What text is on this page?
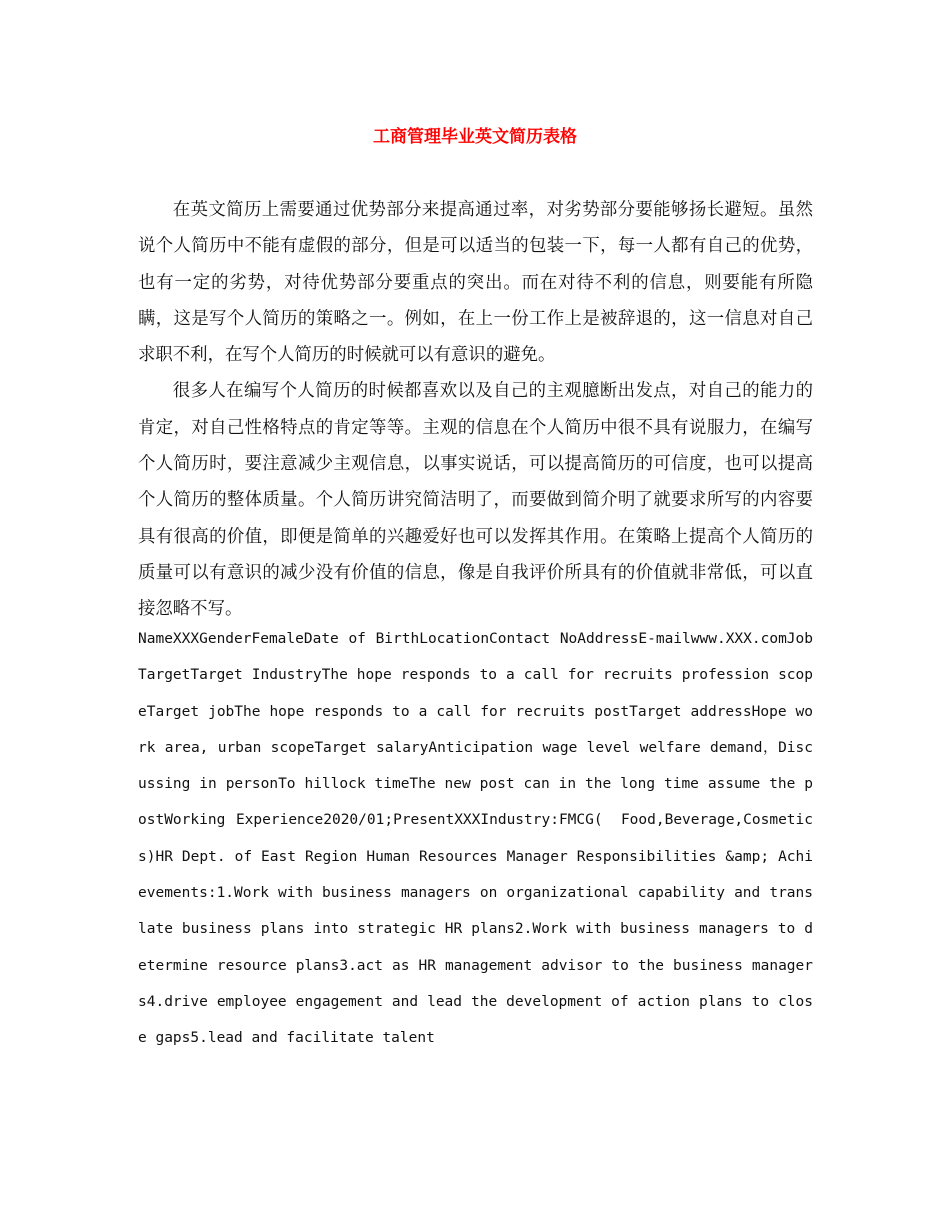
工商管理毕业英文简历表格

在英文简历上需要通过优势部分来提高通过率，对劣势部分要能够扬长避短。虽然说个人简历中不能有虚假的部分，但是可以适当的包装一下，每一人都有自己的优势，也有一定的劣势，对待优势部分要重点的突出。而在对待不利的信息，则要能有所隐瞒，这是写个人简历的策略之一。例如，在上一份工作上是被辞退的，这一信息对自己求职不利，在写个人简历的时候就可以有意识的避免。

很多人在编写个人简历的时候都喜欢以及自己的主观臆断出发点，对自己的能力的肯定，对自己性格特点的肯定等等。主观的信息在个人简历中很不具有说服力，在编写个人简历时，要注意减少主观信息，以事实说话，可以提高简历的可信度，也可以提高个人简历的整体质量。个人简历讲究简洁明了，而要做到简介明了就要求所写的内容要具有很高的价值，即便是简单的兴趣爱好也可以发挥其作用。在策略上提高个人简历的质量可以有意识的减少没有价值的信息，像是自我评价所具有的价值就非常低，可以直接忽略不写。

NameXXXGenderFemaleDate of BirthLocationContact NoAddressE-mailwww.XXX.comJob TargetTarget IndustryThe hope responds to a call for recruits profession scopeTarget jobThe hope responds to a call for recruits postTarget addressHope work area, urban scopeTarget salaryAnticipation wage level welfare demand，Discussing in personTo hillock timeThe new post can in the long time assume the postWorking Experience2020/01;PresentXXXIndustry:FMCG(　Food,Beverage,Cosmetics)HR Dept. of East Region Human Resources Manager Responsibilities &amp; Achievements:1.Work with business managers on organizational capability and translate business plans into strategic HR plans2.Work with business managers to determine resource plans3.act as HR management advisor to the business managers4.drive employee engagement and lead the development of action plans to close gaps5.lead and facilitate talent
